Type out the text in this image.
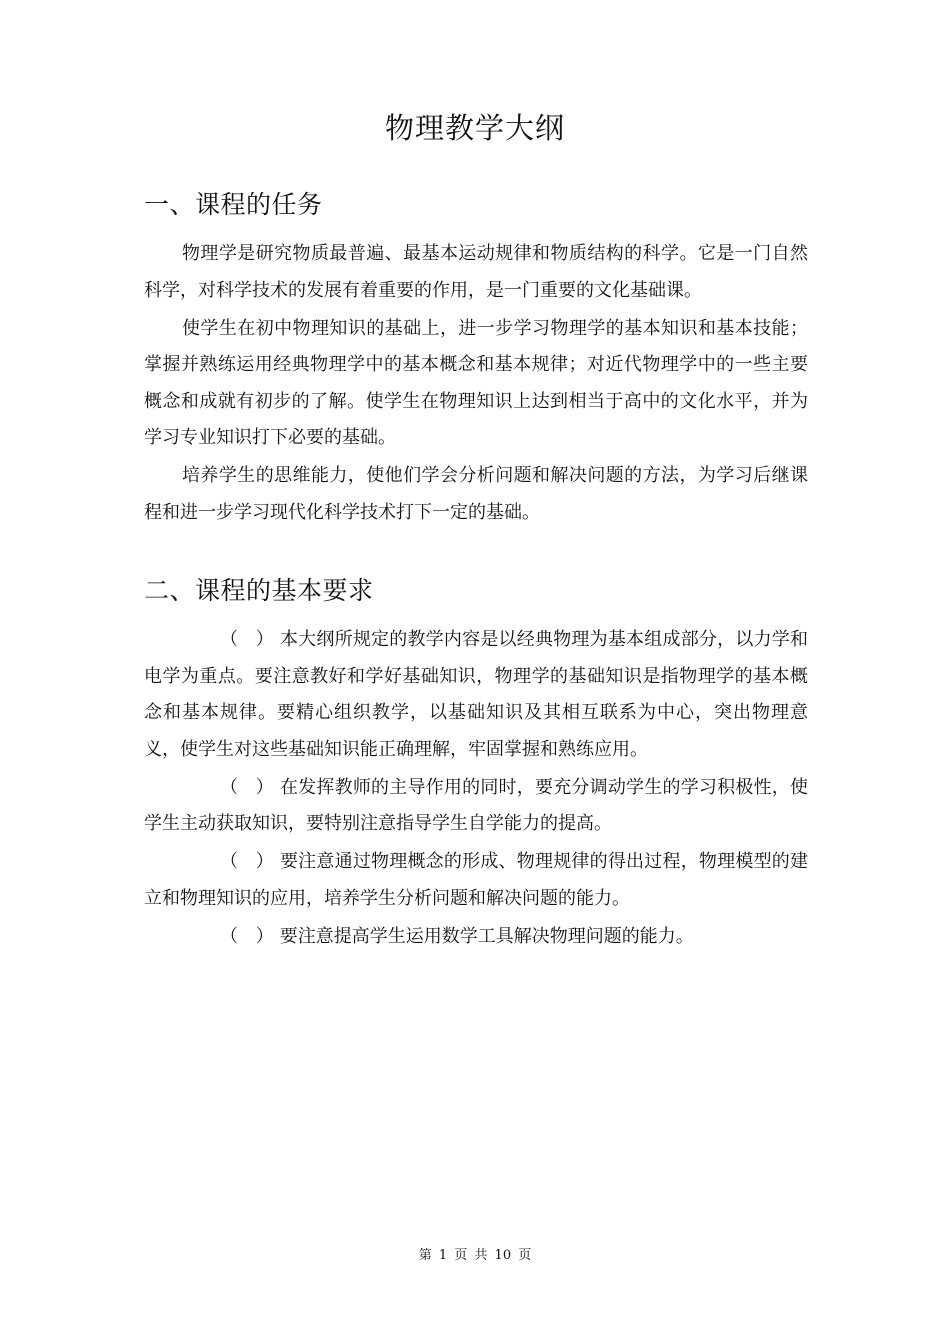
物理教学大纲
一、课程的任务

物理学是研究物质最普遍、最基本运动规律和物质结构的科学。它是一门自然科学，对科学技术的发展有着重要的作用，是一门重要的文化基础课。

使学生在初中物理知识的基础上，进一步学习物理学的基本知识和基本技能；掌握并熟练运用经典物理学中的基本概念和基本规律；对近代物理学中的一些主要概念和成就有初步的了解。使学生在物理知识上达到相当于高中的文化水平，并为学习专业知识打下必要的基础。

培养学生的思维能力，使他们学会分析问题和解决问题的方法，为学习后继课程和进一步学习现代化科学技术打下一定的基础。

二、课程的基本要求

（ ）本大纲所规定的教学内容是以经典物理为基本组成部分，以力学和电学为重点。要注意教好和学好基础知识，物理学的基础知识是指物理学的基本概念和基本规律。要精心组织教学，以基础知识及其相互联系为中心，突出物理意义，使学生对这些基础知识能正确理解，牢固掌握和熟练应用。

（ ）在发挥教师的主导作用的同时，要充分调动学生的学习积极性，使学生主动获取知识，要特别注意指导学生自学能力的提高。

（ ）要注意通过物理概念的形成、物理规律的得出过程，物理模型的建立和物理知识的应用，培养学生分析问题和解决问题的能力。

（ ）要注意提高学生运用数学工具解决物理问题的能力。

第 1 页 共 10 页
